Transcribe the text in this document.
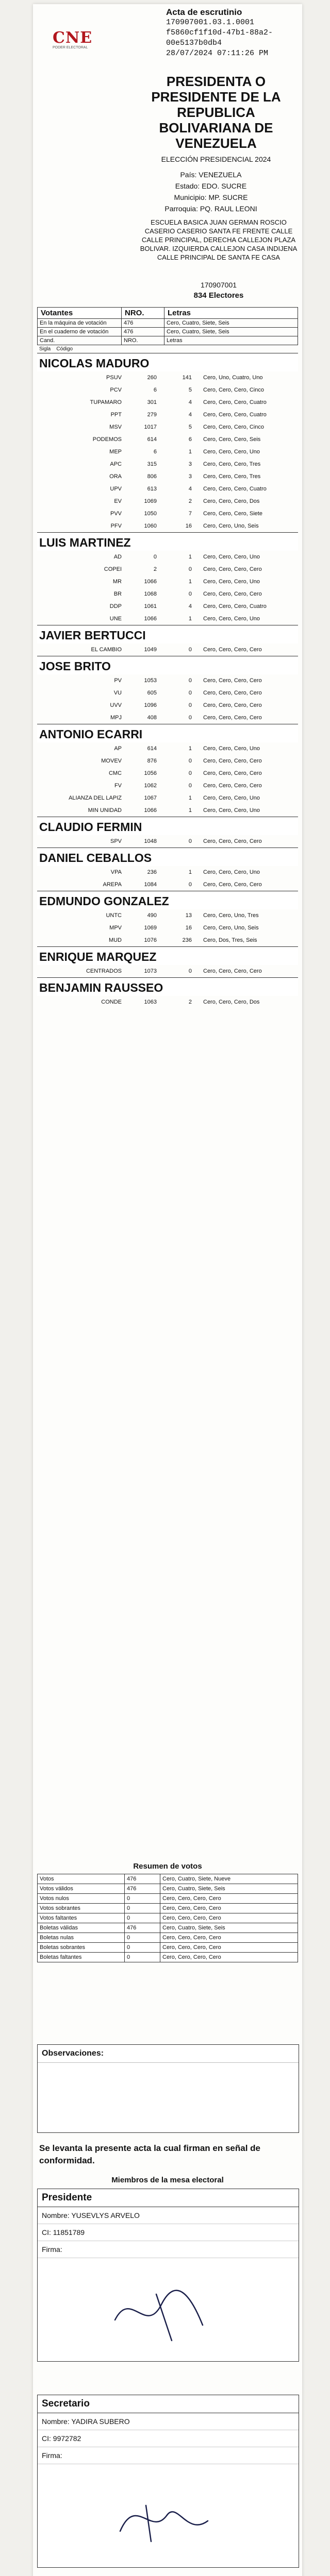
CNE
PODER ELECTORAL
Acta de escrutinio
170907001.03.1.0001
f5860cf1f10d-47b1-88a2-00e5137b0db4
28/07/2024 07:11:26 PM
PRESIDENTA O PRESIDENTE DE LA REPUBLICA BOLIVARIANA DE VENEZUELA
ELECCIÓN PRESIDENCIAL 2024
País: VENEZUELA
Estado: EDO. SUCRE
Municipio: MP. SUCRE
Parroquia: PQ. RAUL LEONI
ESCUELA BASICA JUAN GERMAN ROSCIO
CASERIO CASERIO SANTA FE FRENTE CALLE CALLE PRINCIPAL, DERECHA CALLEJON PLAZA BOLIVAR. IZQUIERDA CALLEJON CASA INDIJENA CALLE PRINCIPAL DE SANTA FE CASA
170907001
834 Electores
Votantes	NRO.	Letras
En la máquina de votación	476	Cero, Cuatro, Siete, Seis
En el cuaderno de votación	476	Cero, Cuatro, Siete, Seis
Cand.	NRO.	Letras
Sigla Código
NICOLAS MADURO			
PSUV	260	141	Cero, Uno, Cuatro, Uno
PCV	6	5	Cero, Cero, Cero, Cinco
TUPAMARO	301	4	Cero, Cero, Cero, Cuatro
PPT	279	4	Cero, Cero, Cero, Cuatro
MSV	1017	5	Cero, Cero, Cero, Cinco
PODEMOS	614	6	Cero, Cero, Cero, Seis
MEP	6	1	Cero, Cero, Cero, Uno
APC	315	3	Cero, Cero, Cero, Tres
ORA	806	3	Cero, Cero, Cero, Tres
UPV	613	4	Cero, Cero, Cero, Cuatro
EV	1069	2	Cero, Cero, Cero, Dos
PVV	1050	7	Cero, Cero, Cero, Siete
PFV	1060	16	Cero, Cero, Uno, Seis
LUIS MARTINEZ			
AD	0	1	Cero, Cero, Cero, Uno
COPEI	2	0	Cero, Cero, Cero, Cero
MR	1066	1	Cero, Cero, Cero, Uno
BR	1068	0	Cero, Cero, Cero, Cero
DDP	1061	4	Cero, Cero, Cero, Cuatro
UNE	1066	1	Cero, Cero, Cero, Uno
JAVIER BERTUCCI
EL CAMBIO	1049	0	Cero, Cero, Cero, Cero
JOSE BRITO			
PV	1053	0	Cero, Cero, Cero, Cero
VU	605	0	Cero, Cero, Cero, Cero
UVV	1096	0	Cero, Cero, Cero, Cero
MPJ	408	0	Cero, Cero, Cero, Cero
ANTONIO ECARRI			
AP	614	1	Cero, Cero, Cero, Uno
MOVEV	876	0	Cero, Cero, Cero, Cero
CMC	1056	0	Cero, Cero, Cero, Cero
FV	1062	0	Cero, Cero, Cero, Cero
ALIANZA DEL LAPIZ	1067	1	Cero, Cero, Cero, Uno
MIN UNIDAD	1066	1	Cero, Cero, Cero, Uno
CLAUDIO FERMIN
SPV	1048	0	Cero, Cero, Cero, Cero
DANIEL CEBALLOS			
VPA	236	1	Cero, Cero, Cero, Uno
AREPA	1084	0	Cero, Cero, Cero, Cero
EDMUNDO GONZALEZ			
UNTC	490	13	Cero, Cero, Uno, Tres
MPV	1069	16	Cero, Cero, Uno, Seis
MUD	1076	236	Cero, Dos, Tres, Seis
ENRIQUE MARQUEZ
CENTRADOS	1073	0	Cero, Cero, Cero, Cero
BENJAMIN RAUSSEO
CONDE	1063	2	Cero, Cero, Cero, Dos
Resumen de votos
Votos	476	Cero, Cuatro, Siete, Nueve
Votos válidos	476	Cero, Cuatro, Siete, Seis
Votos nulos	0	Cero, Cero, Cero, Cero
Votos sobrantes	0	Cero, Cero, Cero, Cero
Votos faltantes	0	Cero, Cero, Cero, Cero
Boletas válidas	476	Cero, Cuatro, Siete, Seis
Boletas nulas	0	Cero, Cero, Cero, Cero
Boletas sobrantes	0	Cero, Cero, Cero, Cero
Boletas faltantes	0	Cero, Cero, Cero, Cero
Observaciones:
Se levanta la presente acta la cual firman en señal de conformidad.
Miembros de la mesa electoral
Presidente
Nombre: YUSEVLYS ARVELO
CI: 11851789
Firma:
Secretario
Nombre: YADIRA SUBERO
CI: 9972782
Firma:
